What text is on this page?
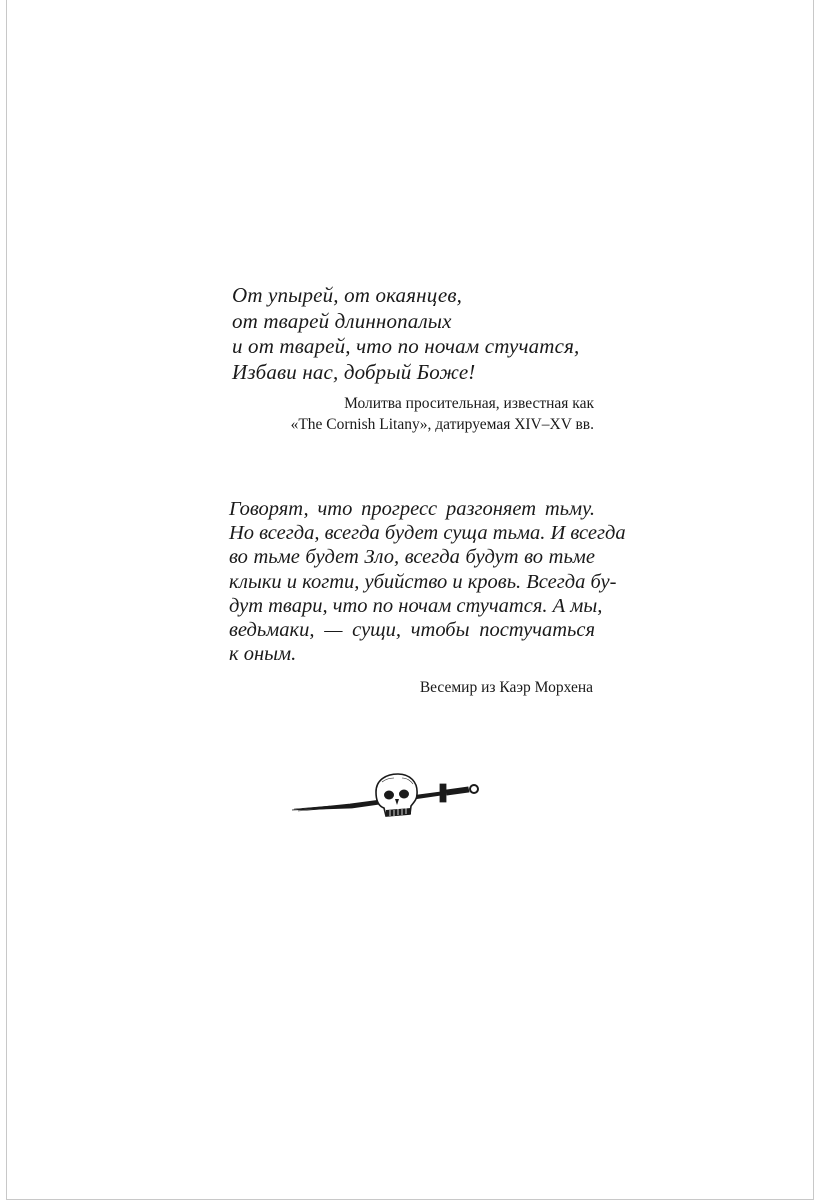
От упырей, от окаянцев,
от тварей длиннопалых
и от тварей, что по ночам стучатся,
Избави нас, добрый Боже!
Молитва просительная, известная как
«The Cornish Litany», датируемая XIV–XV вв.
Говорят, что прогресс разгоняет тьму.
Но всегда, всегда будет суща тьма. И всегда
во тьме будет Зло, всегда будут во тьме
клыки и когти, убийство и кровь. Всегда бу-
дут твари, что по ночам стучатся. А мы,
ведьмаки, — сущи, чтобы постучаться
к оным.
Весемир из Каэр Морхена
